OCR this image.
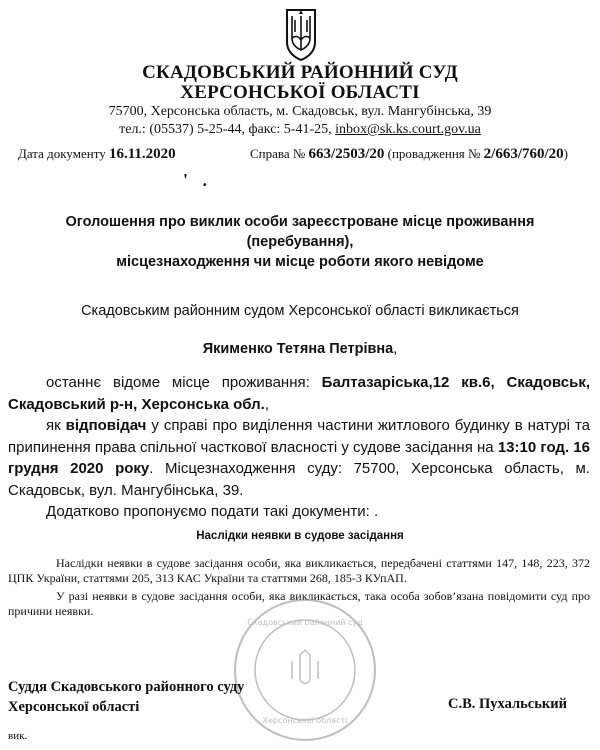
СКАДОВСЬКИЙ РАЙОННИЙ СУД
ХЕРСОНСЬКОЇ ОБЛАСТІ
75700, Херсонська область, м. Скадовськ, вул. Мангубінська, 39
тел.: (05537) 5-25-44, факс: 5-41-25, inbox@sk.ks.court.gov.ua
Дата документу 16.11.2020	Справа № 663/2503/20 (провадження № 2/663/760/20)
' .
Оголошення про виклик особи зареєстроване місце проживання (перебування),
місцезнаходження чи місце роботи якого невідоме
Скадовським районним судом Херсонської області викликається
Якименко Тетяна Петрівна,

останнє відоме місце проживання: Балтазаріська,12 кв.6, Скадовськ, Скадовський р-н, Херсонська обл.,

як відповідач у справі про виділення частини житлового будинку в натурі та припинення права спільної часткової власності у судове засідання на 13:10 год. 16 грудня 2020 року. Місцезнаходження суду: 75700, Херсонська область, м. Скадовськ, вул. Мангубінська, 39.

Додатково пропонуємо подати такі документи: .

Наслідки неявки в судове засідання

Наслідки неявки в судове засідання особи, яка викликається, передбачені статтями 147, 148, 223, 372 ЦПК України, статтями 205, 313 КАС України та статтями 268, 185-3 КУпАП.

У разі неявки в судове засідання особи, яка викликається, така особа зобов’язана повідомити суд про причини неявки.

Скадовський районний суд
Херсонської області
Суддя Скадовського районного суду
Херсонської області	С.В. Пухальський
вик.
